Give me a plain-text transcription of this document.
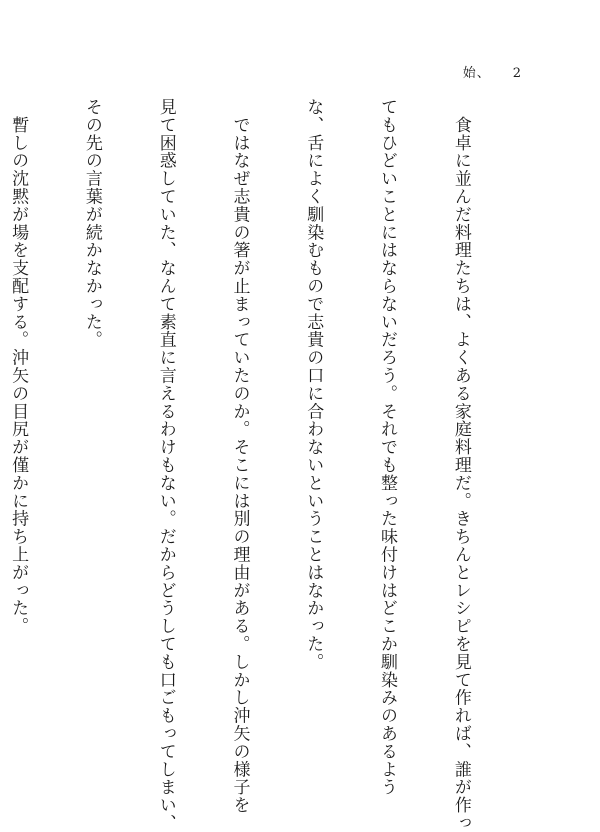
始、 2

　食卓に並んだ料理たちは、よくある家庭料理だ。きちんとレシピを見て作れば、誰が作っ

てもひどいことにはならないだろう。それでも整った味付けはどこか馴染みのあるよう

な、舌によく馴染むもので志貴の口に合わないということはなかった。

　ではなぜ志貴の箸が止まっていたのか。そこには別の理由がある。しかし沖矢の様子を

見て困惑していた、なんて素直に言えるわけもない。だからどうしても口ごもってしまい、

その先の言葉が続かなかった。

　暫しの沈黙が場を支配する。沖矢の目尻が僅かに持ち上がった。
